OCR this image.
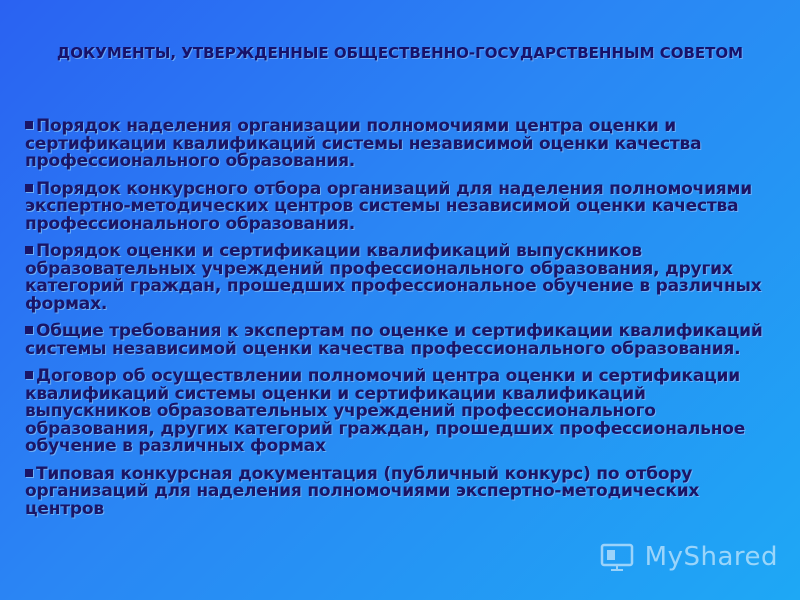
ДОКУМЕНТЫ, УТВЕРЖДЕННЫЕ ОБЩЕСТВЕННО-ГОСУДАРСТВЕННЫМ СОВЕТОМ
Порядок наделения организации полномочиями центра оценки и сертификации квалификаций системы независимой оценки качества профессионального образования.
Порядок конкурсного отбора организаций для наделения полномочиями экспертно-методических центров системы независимой оценки качества профессионального образования.
Порядок оценки и сертификации квалификаций выпускников образовательных учреждений профессионального образования, других категорий граждан, прошедших профессиональное обучение в различных формах.
Общие требования к экспертам по оценке и сертификации квалификаций системы независимой оценки качества профессионального образования.
Договор об осуществлении полномочий центра оценки и сертификации квалификаций системы оценки и сертификации квалификаций выпускников образовательных учреждений профессионального образования, других категорий граждан, прошедших профессиональное обучение в различных формах
Типовая конкурсная документация (публичный конкурс) по отбору организаций для наделения полномочиями экспертно-методических центров
MyShared
